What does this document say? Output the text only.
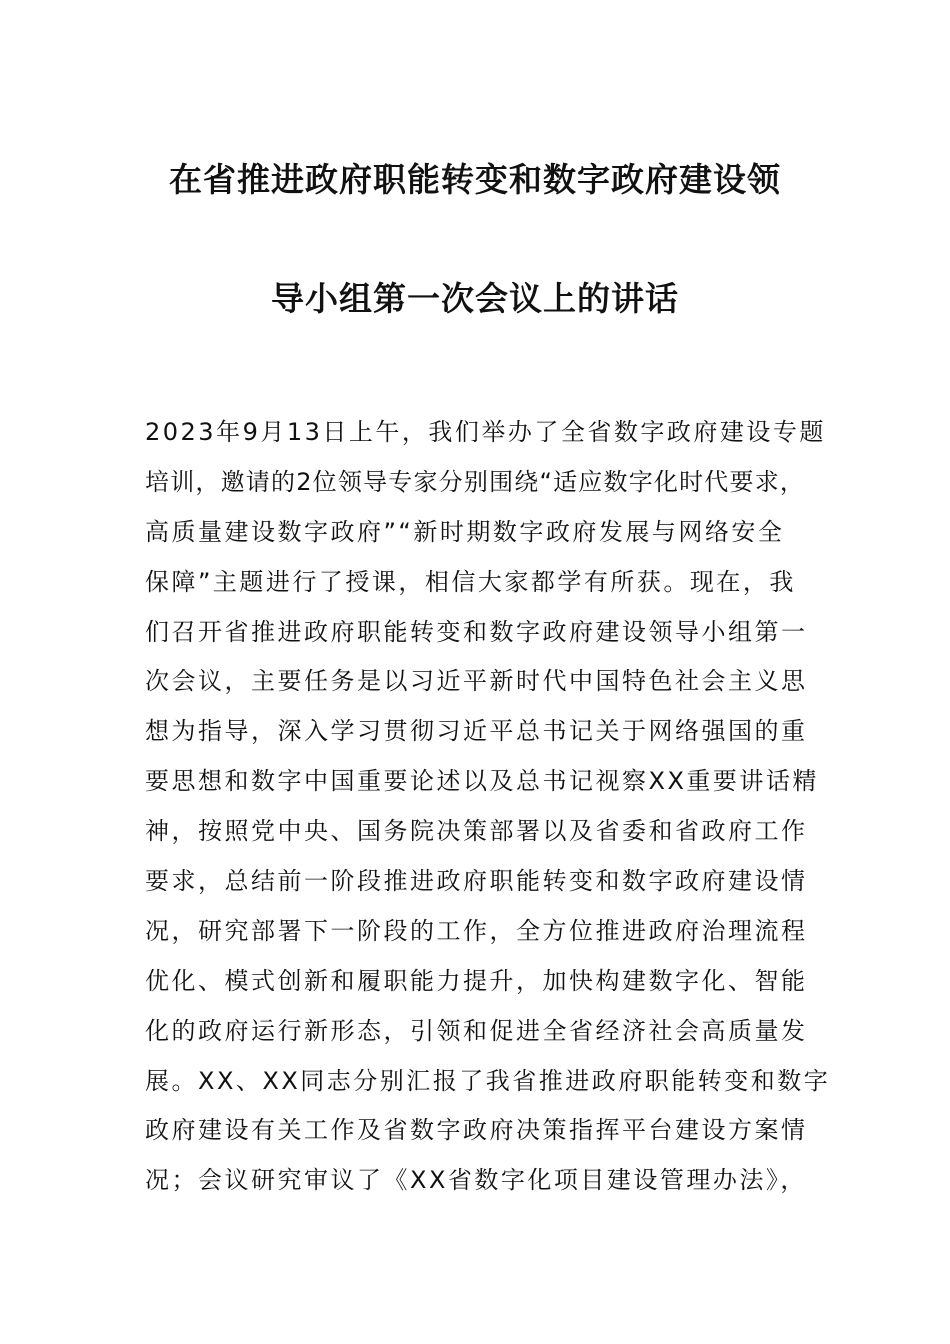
在省推进政府职能转变和数字政府建设领
导小组第一次会议上的讲话
2023年9月13日上午，我们举办了全省数字政府建设专题
培训，邀请的2位领导专家分别围绕“适应数字化时代要求，
高质量建设数字政府”“新时期数字政府发展与网络安全
保障”主题进行了授课，相信大家都学有所获。现在，我
们召开省推进政府职能转变和数字政府建设领导小组第一
次会议，主要任务是以习近平新时代中国特色社会主义思
想为指导，深入学习贯彻习近平总书记关于网络强国的重
要思想和数字中国重要论述以及总书记视察XX重要讲话精
神，按照党中央、国务院决策部署以及省委和省政府工作
要求，总结前一阶段推进政府职能转变和数字政府建设情
况，研究部署下一阶段的工作，全方位推进政府治理流程
优化、模式创新和履职能力提升，加快构建数字化、智能
化的政府运行新形态，引领和促进全省经济社会高质量发
展。XX、XX同志分别汇报了我省推进政府职能转变和数字
政府建设有关工作及省数字政府决策指挥平台建设方案情
况；会议研究审议了《XX省数字化项目建设管理办法》，
